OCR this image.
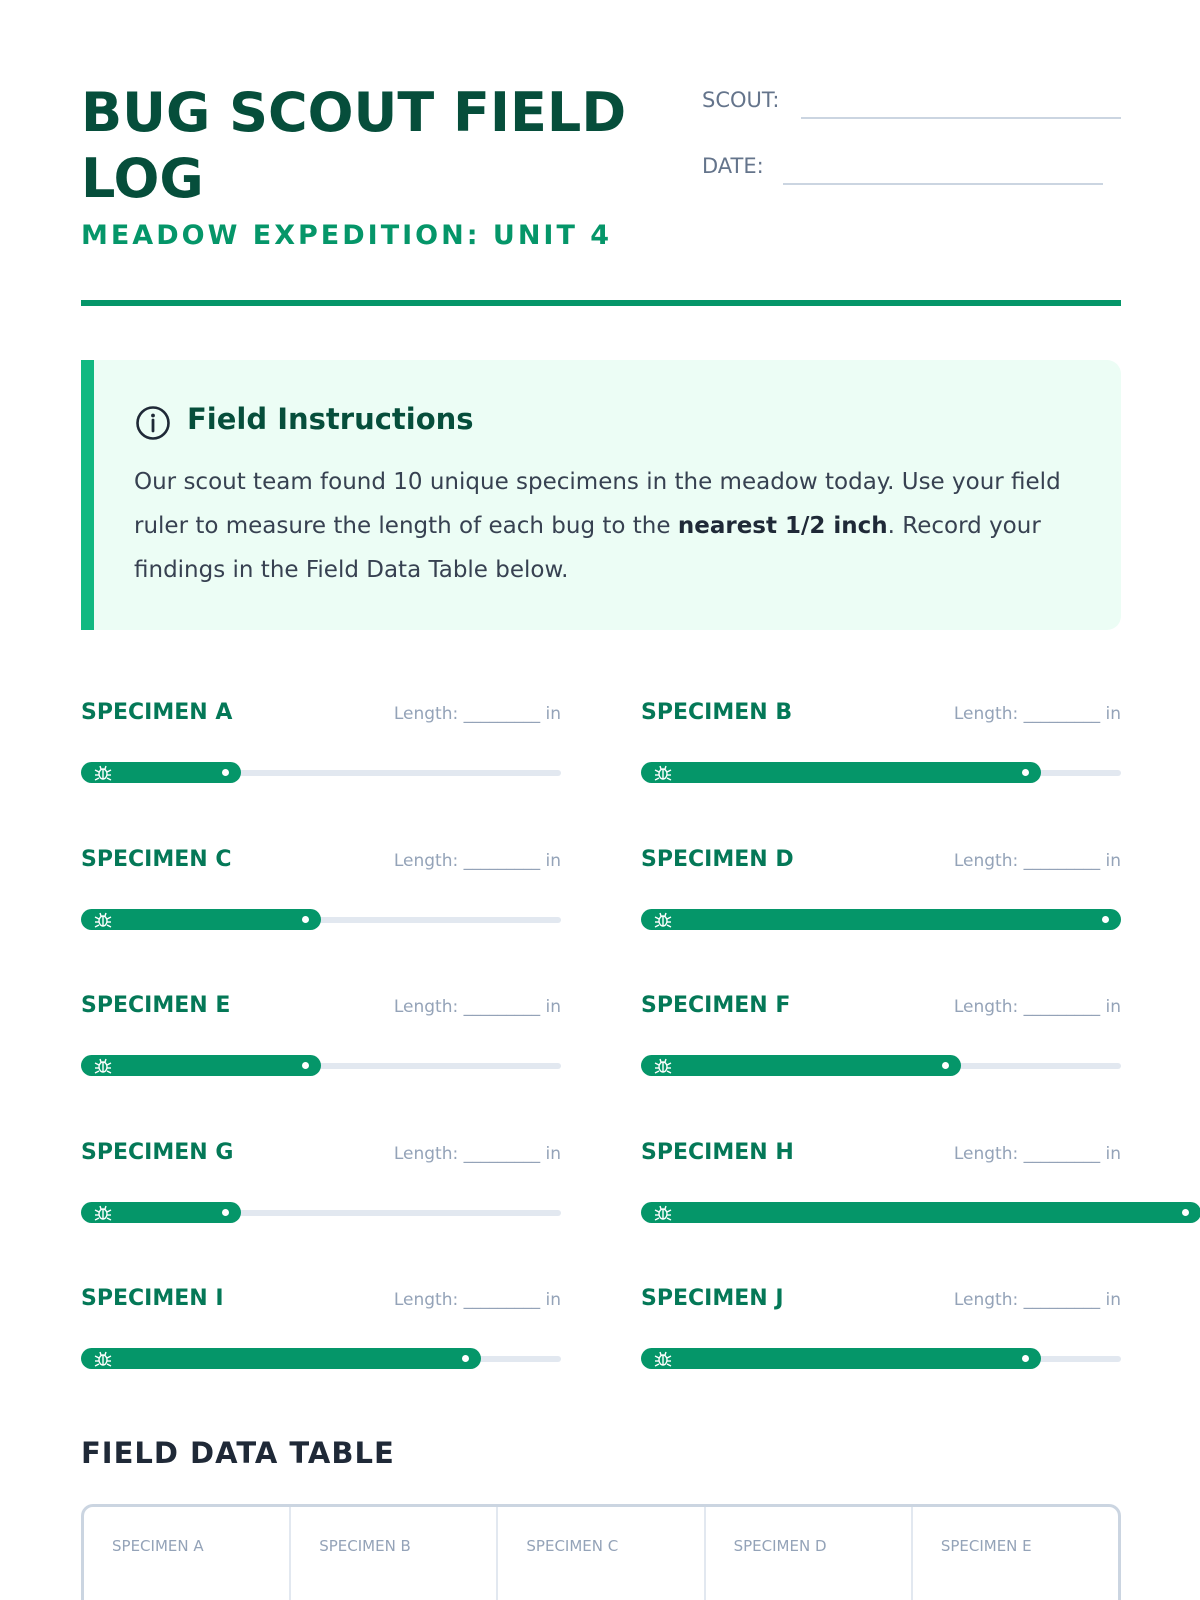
BUG SCOUT FIELD LOG
MEADOW EXPEDITION: UNIT 4
SCOUT:
DATE:
Field Instructions
Our scout team found 10 unique specimens in the meadow today. Use your field ruler to measure the length of each bug to the nearest 1/2 inch. Record your findings in the Field Data Table below.
SPECIMEN A	Length: _________ in	SPECIMEN B	Length: _________ in
SPECIMEN C	Length: _________ in	SPECIMEN D	Length: _________ in
SPECIMEN E	Length: _________ in	SPECIMEN F	Length: _________ in
SPECIMEN G	Length: _________ in	SPECIMEN H	Length: _________ in
SPECIMEN I	Length: _________ in	SPECIMEN J	Length: _________ in
FIELD DATA TABLE
SPECIMEN A	SPECIMEN B	SPECIMEN C	SPECIMEN D	SPECIMEN E
